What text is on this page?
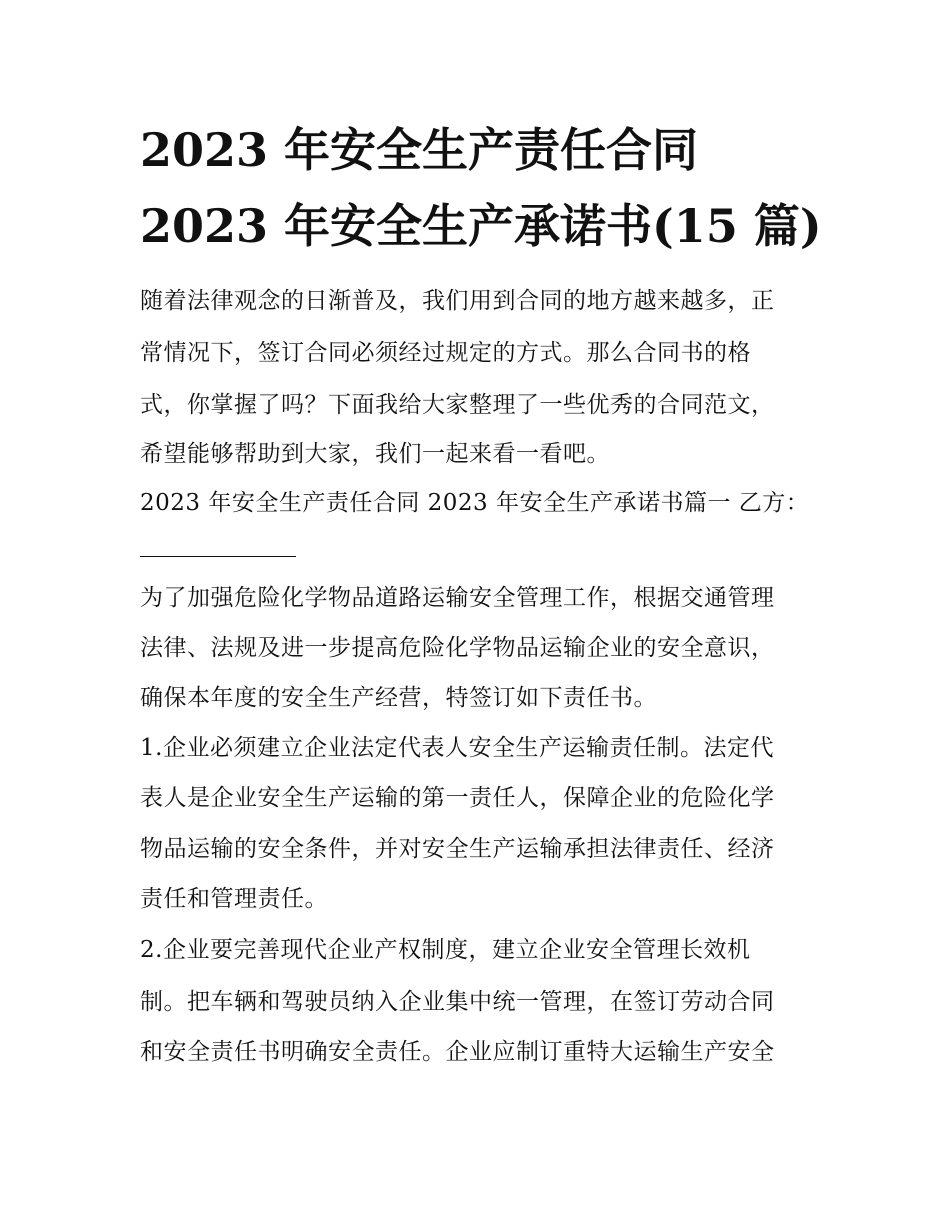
2023 年安全生产责任合同
2023 年安全生产承诺书(15 篇)
随着法律观念的日渐普及，我们用到合同的地方越来越多，正
常情况下，签订合同必须经过规定的方式。那么合同书的格
式，你掌握了吗？下面我给大家整理了一些优秀的合同范文，
希望能够帮助到大家，我们一起来看一看吧。
2023 年安全生产责任合同 2023 年安全生产承诺书篇一 乙方：
为了加强危险化学物品道路运输安全管理工作，根据交通管理
法律、法规及进一步提高危险化学物品运输企业的安全意识，
确保本年度的安全生产经营，特签订如下责任书。
1.企业必须建立企业法定代表人安全生产运输责任制。法定代
表人是企业安全生产运输的第一责任人，保障企业的危险化学
物品运输的安全条件，并对安全生产运输承担法律责任、经济
责任和管理责任。
2.企业要完善现代企业产权制度，建立企业安全管理长效机
制。把车辆和驾驶员纳入企业集中统一管理，在签订劳动合同
和安全责任书明确安全责任。企业应制订重特大运输生产安全
